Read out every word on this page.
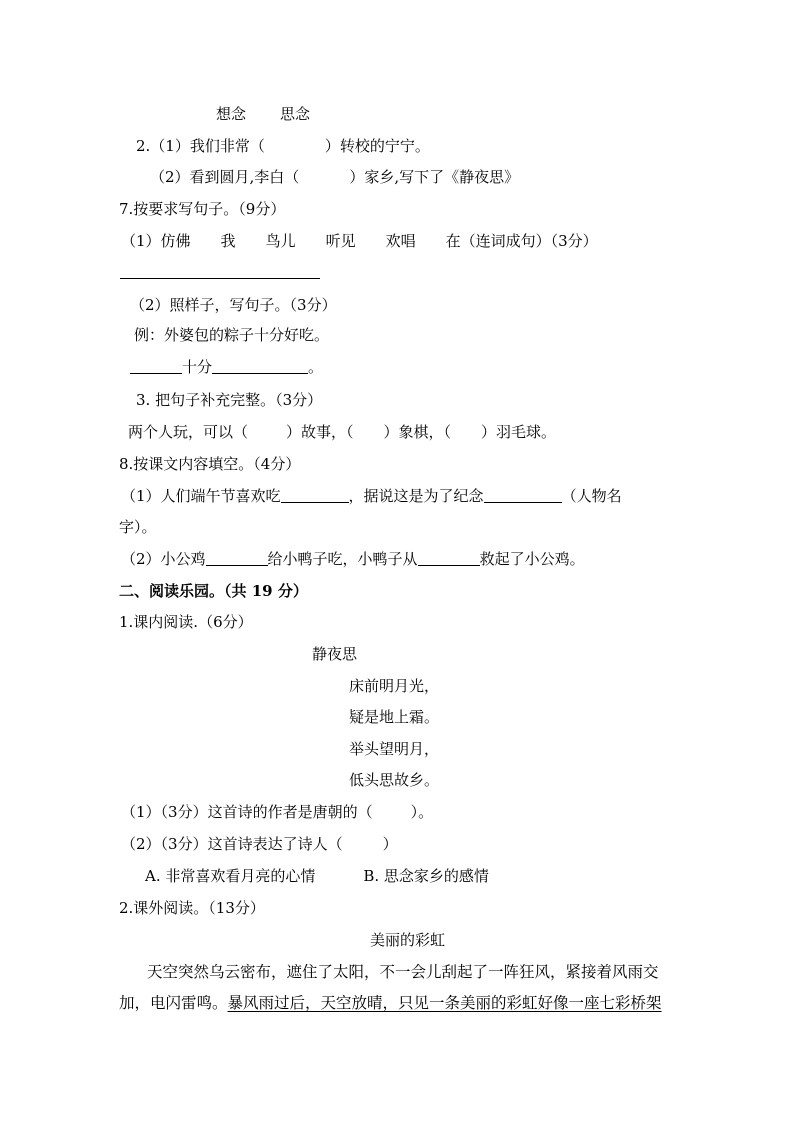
想念 思念
2.（1）我们非常（	）转校的宁宁。
（2）看到圆月,李白（	）家乡,写下了《静夜思》
7.按要求写句子。（9分）
（1）仿佛 我 鸟儿 听见 欢唱 在（连词成句）（3分）
（2）照样子，写句子。（3分）
例：外婆包的粽子十分好吃。
十分	。
3. 把句子补充完整。（3分）
两个人玩，可以（	）故事，（ ）象棋，（ ）羽毛球。
8.按课文内容填空。（4分）
（1）人们端午节喜欢吃	，据说这是为了纪念	（人物名
字）。
（2）小公鸡	给小鸭子吃，小鸭子从	救起了小公鸡。
二、阅读乐园。（共 19 分）
1.课内阅读.（6分）
静夜思
床前明月光，
疑是地上霜。
举头望明月，
低头思故乡。
（1）（3分）这首诗的作者是唐朝的（	）。
（2）（3分）这首诗表达了诗人（	）
A. 非常喜欢看月亮的心情	B. 思念家乡的感情
2.课外阅读。（13分）
美丽的彩虹
天空突然乌云密布，遮住了太阳，不一会儿刮起了一阵狂风，紧接着风雨交
加，电闪雷鸣。暴风雨过后，天空放晴，只见一条美丽的彩虹好像一座七彩桥架
